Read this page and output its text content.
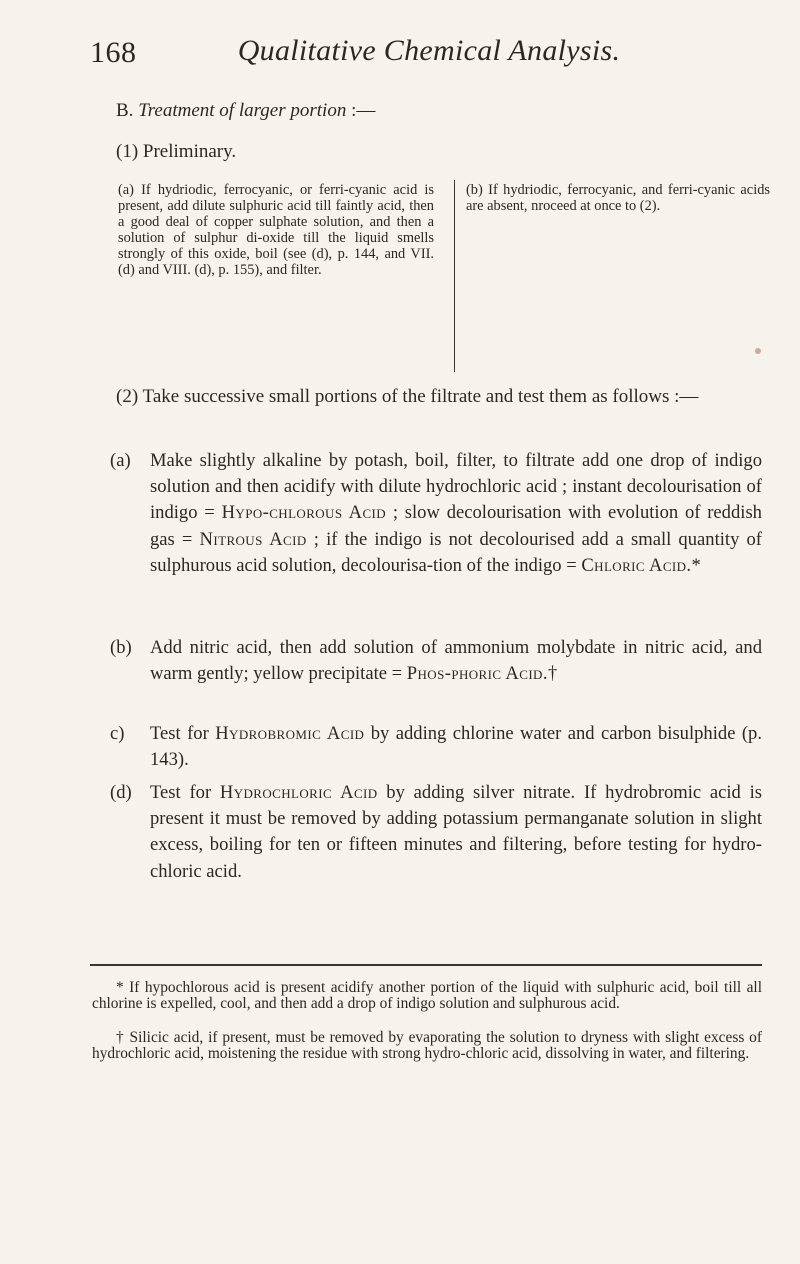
168	Qualitative Chemical Analysis.
B. Treatment of larger portion :—
(1) Preliminary.
(a) If hydriodic, ferrocyanic, or ferri-cyanic acid is present, add dilute sulphuric acid till faintly acid, then a good deal of copper sulphate solution, and then a solution of sulphur di-oxide till the liquid smells strongly of this oxide, boil (see (d), p. 144, and VII. (d) and VIII. (d), p. 155), and filter.
(b) If hydriodic, ferrocyanic, and ferri-cyanic acids are absent, nroceed at once to (2).
(2) Take successive small portions of the filtrate and test them as follows :—
(a) Make slightly alkaline by potash, boil, filter, to filtrate add one drop of indigo solution and then acidify with dilute hydrochloric acid ; instant decolourisation of indigo = Hypo-chlorous Acid ; slow decolourisation with evolution of reddish gas = Nitrous Acid ; if the indigo is not decolourised add a small quantity of sulphurous acid solution, decolourisa-tion of the indigo = Chloric Acid.*
(b) Add nitric acid, then add solution of ammonium molybdate in nitric acid, and warm gently; yellow precipitate = Phos-phoric Acid.†
c) Test for Hydrobromic Acid by adding chlorine water and carbon bisulphide (p. 143).
(d) Test for Hydrochloric Acid by adding silver nitrate. If hydrobromic acid is present it must be removed by adding potassium permanganate solution in slight excess, boiling for ten or fifteen minutes and filtering, before testing for hydro-chloric acid.
* If hypochlorous acid is present acidify another portion of the liquid with sulphuric acid, boil till all chlorine is expelled, cool, and then add a drop of indigo solution and sulphurous acid.
† Silicic acid, if present, must be removed by evaporating the solution to dryness with slight excess of hydrochloric acid, moistening the residue with strong hydro-chloric acid, dissolving in water, and filtering.
